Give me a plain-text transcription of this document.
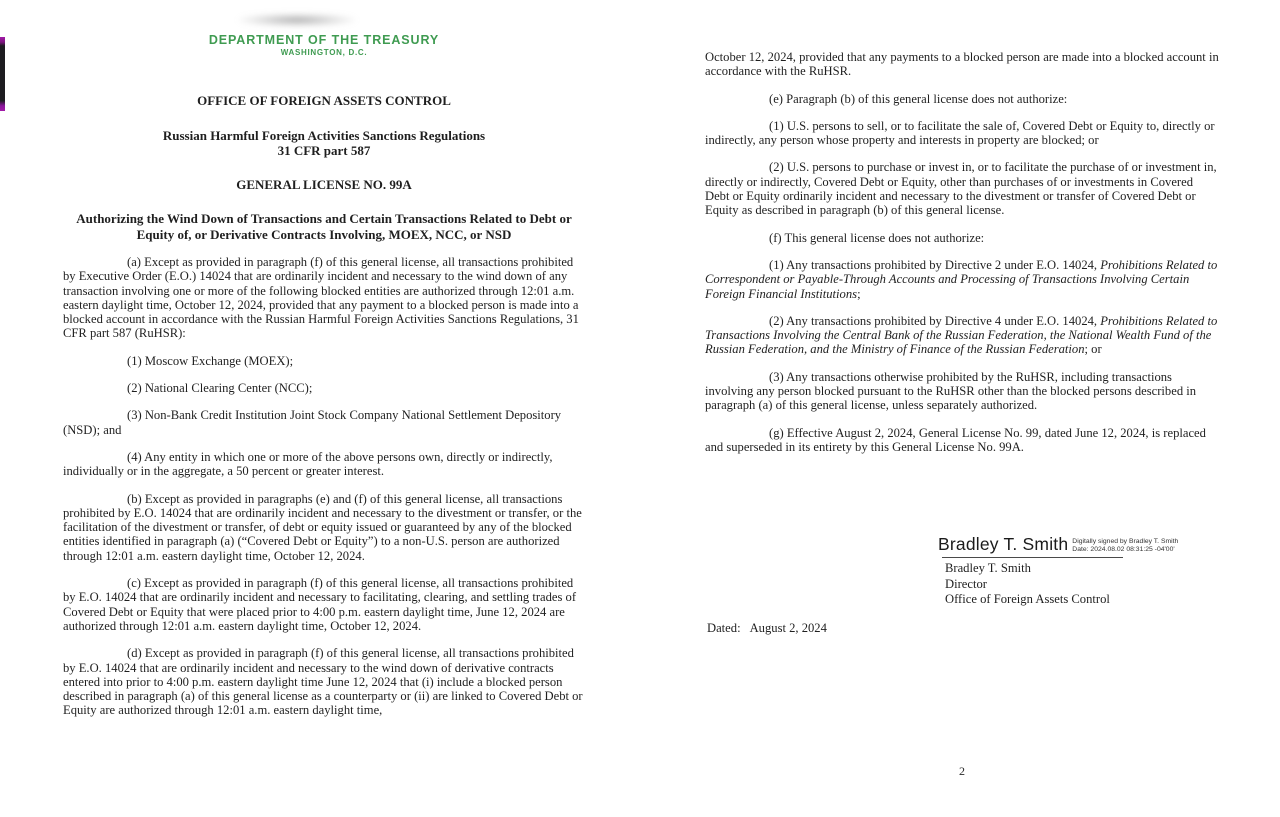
DEPARTMENT OF THE TREASURY
WASHINGTON, D.C.
OFFICE OF FOREIGN ASSETS CONTROL
Russian Harmful Foreign Activities Sanctions Regulations
31 CFR part 587
GENERAL LICENSE NO. 99A
Authorizing the Wind Down of Transactions and Certain Transactions Related to Debt or
Equity of, or Derivative Contracts Involving, MOEX, NCC, or NSD

(a) Except as provided in paragraph (f) of this general license, all transactions prohibited by Executive Order (E.O.) 14024 that are ordinarily incident and necessary to the wind down of any transaction involving one or more of the following blocked entities are authorized through 12:01 a.m. eastern daylight time, October 12, 2024, provided that any payment to a blocked person is made into a blocked account in accordance with the Russian Harmful Foreign Activities Sanctions Regulations, 31 CFR part 587 (RuHSR):

(1) Moscow Exchange (MOEX);

(2) National Clearing Center (NCC);

(3) Non-Bank Credit Institution Joint Stock Company National Settlement Depository (NSD); and

(4) Any entity in which one or more of the above persons own, directly or indirectly, individually or in the aggregate, a 50 percent or greater interest.

(b) Except as provided in paragraphs (e) and (f) of this general license, all transactions prohibited by E.O. 14024 that are ordinarily incident and necessary to the divestment or transfer, or the facilitation of the divestment or transfer, of debt or equity issued or guaranteed by any of the blocked entities identified in paragraph (a) (“Covered Debt or Equity”) to a non-U.S. person are authorized through 12:01 a.m. eastern daylight time, October 12, 2024.

(c) Except as provided in paragraph (f) of this general license, all transactions prohibited by E.O. 14024 that are ordinarily incident and necessary to facilitating, clearing, and settling trades of Covered Debt or Equity that were placed prior to 4:00 p.m. eastern daylight time, June 12, 2024 are authorized through 12:01 a.m. eastern daylight time, October 12, 2024.

(d) Except as provided in paragraph (f) of this general license, all transactions prohibited by E.O. 14024 that are ordinarily incident and necessary to the wind down of derivative contracts entered into prior to 4:00 p.m. eastern daylight time June 12, 2024 that (i) include a blocked person described in paragraph (a) of this general license as a counterparty or (ii) are linked to Covered Debt or Equity are authorized through 12:01 a.m. eastern daylight time,

October 12, 2024, provided that any payments to a blocked person are made into a blocked account in accordance with the RuHSR.

(e) Paragraph (b) of this general license does not authorize:

(1) U.S. persons to sell, or to facilitate the sale of, Covered Debt or Equity to, directly or indirectly, any person whose property and interests in property are blocked; or

(2) U.S. persons to purchase or invest in, or to facilitate the purchase of or investment in, directly or indirectly, Covered Debt or Equity, other than purchases of or investments in Covered Debt or Equity ordinarily incident and necessary to the divestment or transfer of Covered Debt or Equity as described in paragraph (b) of this general license.

(f) This general license does not authorize:

(1) Any transactions prohibited by Directive 2 under E.O. 14024, Prohibitions Related to Correspondent or Payable-Through Accounts and Processing of Transactions Involving Certain Foreign Financial Institutions;

(2) Any transactions prohibited by Directive 4 under E.O. 14024, Prohibitions Related to Transactions Involving the Central Bank of the Russian Federation, the National Wealth Fund of the Russian Federation, and the Ministry of Finance of the Russian Federation; or

(3) Any transactions otherwise prohibited by the RuHSR, including transactions involving any person blocked pursuant to the RuHSR other than the blocked persons described in paragraph (a) of this general license, unless separately authorized.

(g) Effective August 2, 2024, General License No. 99, dated June 12, 2024, is replaced and superseded in its entirety by this General License No. 99A.

Bradley T. Smith Digitally signed by Bradley T. Smith
Date: 2024.08.02 08:31:25 -04'00'
Bradley T. Smith
Director
Office of Foreign Assets Control
Dated: August 2, 2024
2
